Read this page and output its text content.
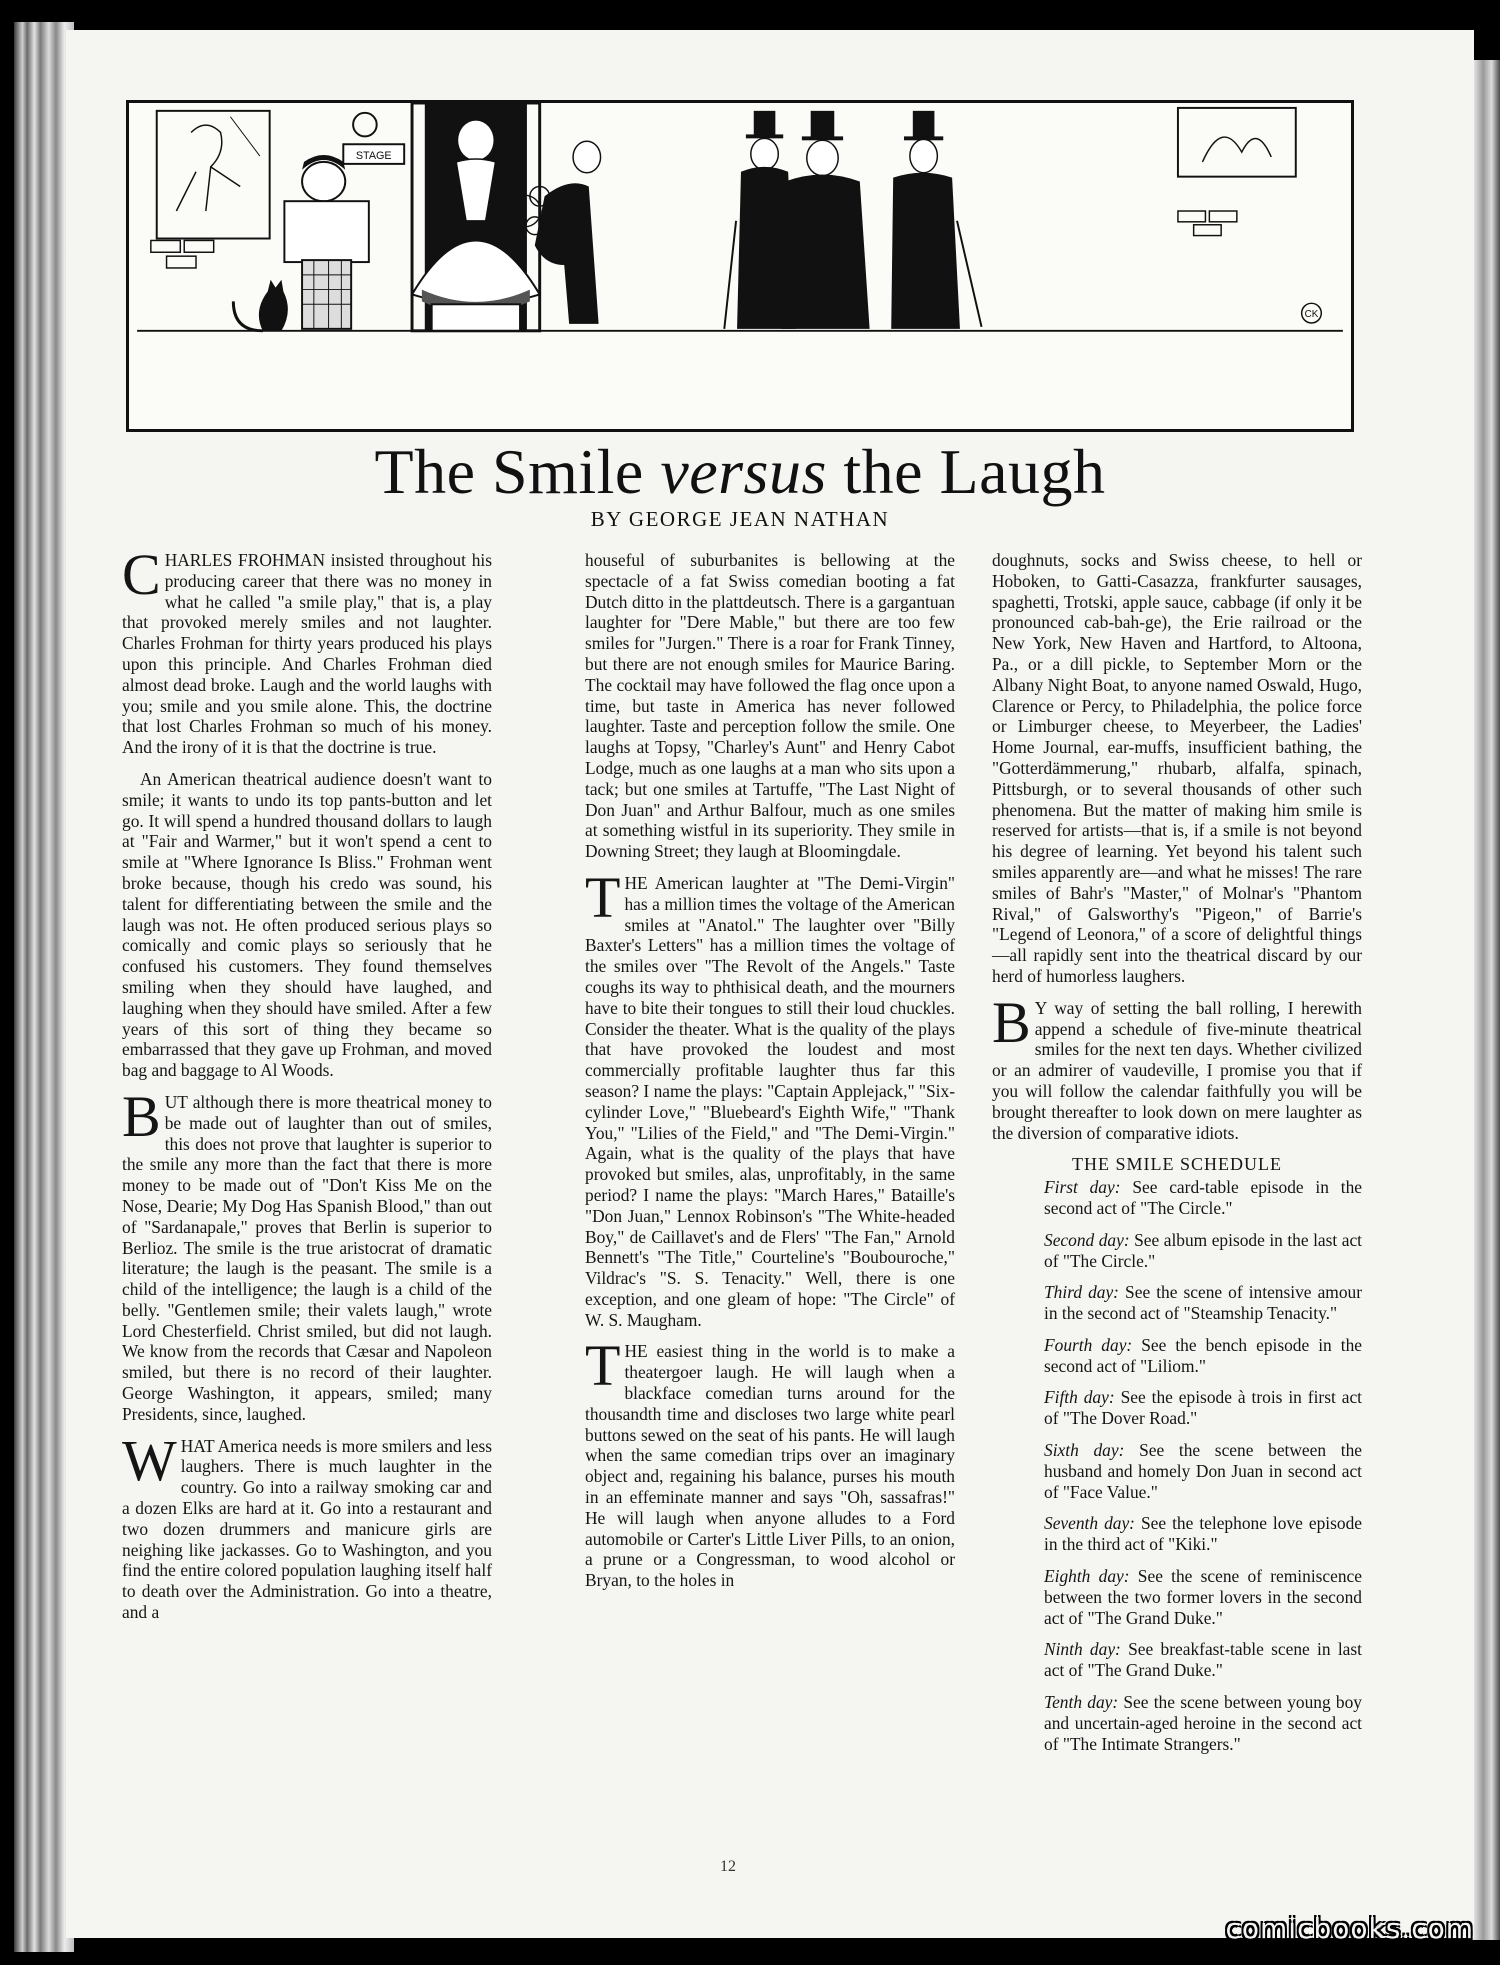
STAGE
CK
The Smile versus the Laugh
BY GEORGE JEAN NATHAN

CHARLES FROHMAN insisted throughout his producing career that there was no money in what he called "a smile play," that is, a play that provoked merely smiles and not laughter. Charles Frohman for thirty years produced his plays upon this principle. And Charles Frohman died almost dead broke. Laugh and the world laughs with you; smile and you smile alone. This, the doctrine that lost Charles Frohman so much of his money. And the irony of it is that the doctrine is true.

An American theatrical audience doesn't want to smile; it wants to undo its top pants-button and let go. It will spend a hundred thousand dollars to laugh at "Fair and Warmer," but it won't spend a cent to smile at "Where Ignorance Is Bliss." Frohman went broke because, though his credo was sound, his talent for differentiating between the smile and the laugh was not. He often produced serious plays so comically and comic plays so seriously that he confused his customers. They found themselves smiling when they should have laughed, and laughing when they should have smiled. After a few years of this sort of thing they became so embarrassed that they gave up Frohman, and moved bag and baggage to Al Woods.

BUT although there is more theatrical money to be made out of laughter than out of smiles, this does not prove that laughter is superior to the smile any more than the fact that there is more money to be made out of "Don't Kiss Me on the Nose, Dearie; My Dog Has Spanish Blood," than out of "Sardanapale," proves that Berlin is superior to Berlioz. The smile is the true aristocrat of dramatic literature; the laugh is the peasant. The smile is a child of the intelligence; the laugh is a child of the belly. "Gentlemen smile; their valets laugh," wrote Lord Chesterfield. Christ smiled, but did not laugh. We know from the records that Cæsar and Napoleon smiled, but there is no record of their laughter. George Washington, it appears, smiled; many Presidents, since, laughed.

WHAT America needs is more smilers and less laughers. There is much laughter in the country. Go into a railway smoking car and a dozen Elks are hard at it. Go into a restaurant and two dozen drummers and manicure girls are neighing like jackasses. Go to Washington, and you find the entire colored population laughing itself half to death over the Administration. Go into a theatre, and a

houseful of suburbanites is bellowing at the spectacle of a fat Swiss comedian booting a fat Dutch ditto in the plattdeutsch. There is a gargantuan laughter for "Dere Mable," but there are too few smiles for "Jurgen." There is a roar for Frank Tinney, but there are not enough smiles for Maurice Baring. The cocktail may have followed the flag once upon a time, but taste in America has never followed laughter. Taste and perception follow the smile. One laughs at Topsy, "Charley's Aunt" and Henry Cabot Lodge, much as one laughs at a man who sits upon a tack; but one smiles at Tartuffe, "The Last Night of Don Juan" and Arthur Balfour, much as one smiles at something wistful in its superiority. They smile in Downing Street; they laugh at Bloomingdale.

THE American laughter at "The Demi-Virgin" has a million times the voltage of the American smiles at "Anatol." The laughter over "Billy Baxter's Letters" has a million times the voltage of the smiles over "The Revolt of the Angels." Taste coughs its way to phthisical death, and the mourners have to bite their tongues to still their loud chuckles. Consider the theater. What is the quality of the plays that have provoked the loudest and most commercially profitable laughter thus far this season? I name the plays: "Captain Applejack," "Six-cylinder Love," "Bluebeard's Eighth Wife," "Thank You," "Lilies of the Field," and "The Demi-Virgin." Again, what is the quality of the plays that have provoked but smiles, alas, unprofitably, in the same period? I name the plays: "March Hares," Bataille's "Don Juan," Lennox Robinson's "The White-headed Boy," de Caillavet's and de Flers' "The Fan," Arnold Bennett's "The Title," Courteline's "Boubouroche," Vildrac's "S. S. Tenacity." Well, there is one exception, and one gleam of hope: "The Circle" of W. S. Maugham.

THE easiest thing in the world is to make a theatergoer laugh. He will laugh when a blackface comedian turns around for the thousandth time and discloses two large white pearl buttons sewed on the seat of his pants. He will laugh when the same comedian trips over an imaginary object and, regaining his balance, purses his mouth in an effeminate manner and says "Oh, sassafras!" He will laugh when anyone alludes to a Ford automobile or Carter's Little Liver Pills, to an onion, a prune or a Congressman, to wood alcohol or Bryan, to the holes in

doughnuts, socks and Swiss cheese, to hell or Hoboken, to Gatti-Casazza, frankfurter sausages, spaghetti, Trotski, apple sauce, cabbage (if only it be pronounced cab-bah-ge), the Erie railroad or the New York, New Haven and Hartford, to Altoona, Pa., or a dill pickle, to September Morn or the Albany Night Boat, to anyone named Oswald, Hugo, Clarence or Percy, to Philadelphia, the police force or Limburger cheese, to Meyerbeer, the Ladies' Home Journal, ear-muffs, insufficient bathing, the "Gotterdämmerung," rhubarb, alfalfa, spinach, Pittsburgh, or to several thousands of other such phenomena. But the matter of making him smile is reserved for artists—that is, if a smile is not beyond his degree of learning. Yet beyond his talent such smiles apparently are—and what he misses! The rare smiles of Bahr's "Master," of Molnar's "Phantom Rival," of Galsworthy's "Pigeon," of Barrie's "Legend of Leonora," of a score of delightful things—all rapidly sent into the theatrical discard by our herd of humorless laughers.

B Y way of setting the ball rolling, I herewith append a schedule of five-minute theatrical smiles for the next ten days. Whether civilized or an admirer of vaudeville, I promise you that if you will follow the calendar faithfully you will be brought thereafter to look down on mere laughter as the diversion of comparative idiots.

THE SMILE SCHEDULE

First day: See card-table episode in the second act of "The Circle."

Second day: See album episode in the last act of "The Circle."

Third day: See the scene of intensive amour in the second act of "Steamship Tenacity."

Fourth day: See the bench episode in the second act of "Liliom."

Fifth day: See the episode à trois in first act of "The Dover Road."

Sixth day: See the scene between the husband and homely Don Juan in second act of "Face Value."

Seventh day: See the telephone love episode in the third act of "Kiki."

Eighth day: See the scene of reminiscence between the two former lovers in the second act of "The Grand Duke."

Ninth day: See breakfast-table scene in last act of "The Grand Duke."

Tenth day: See the scene between young boy and uncertain-aged heroine in the second act of "The Intimate Strangers."

12
comicbooks.com
